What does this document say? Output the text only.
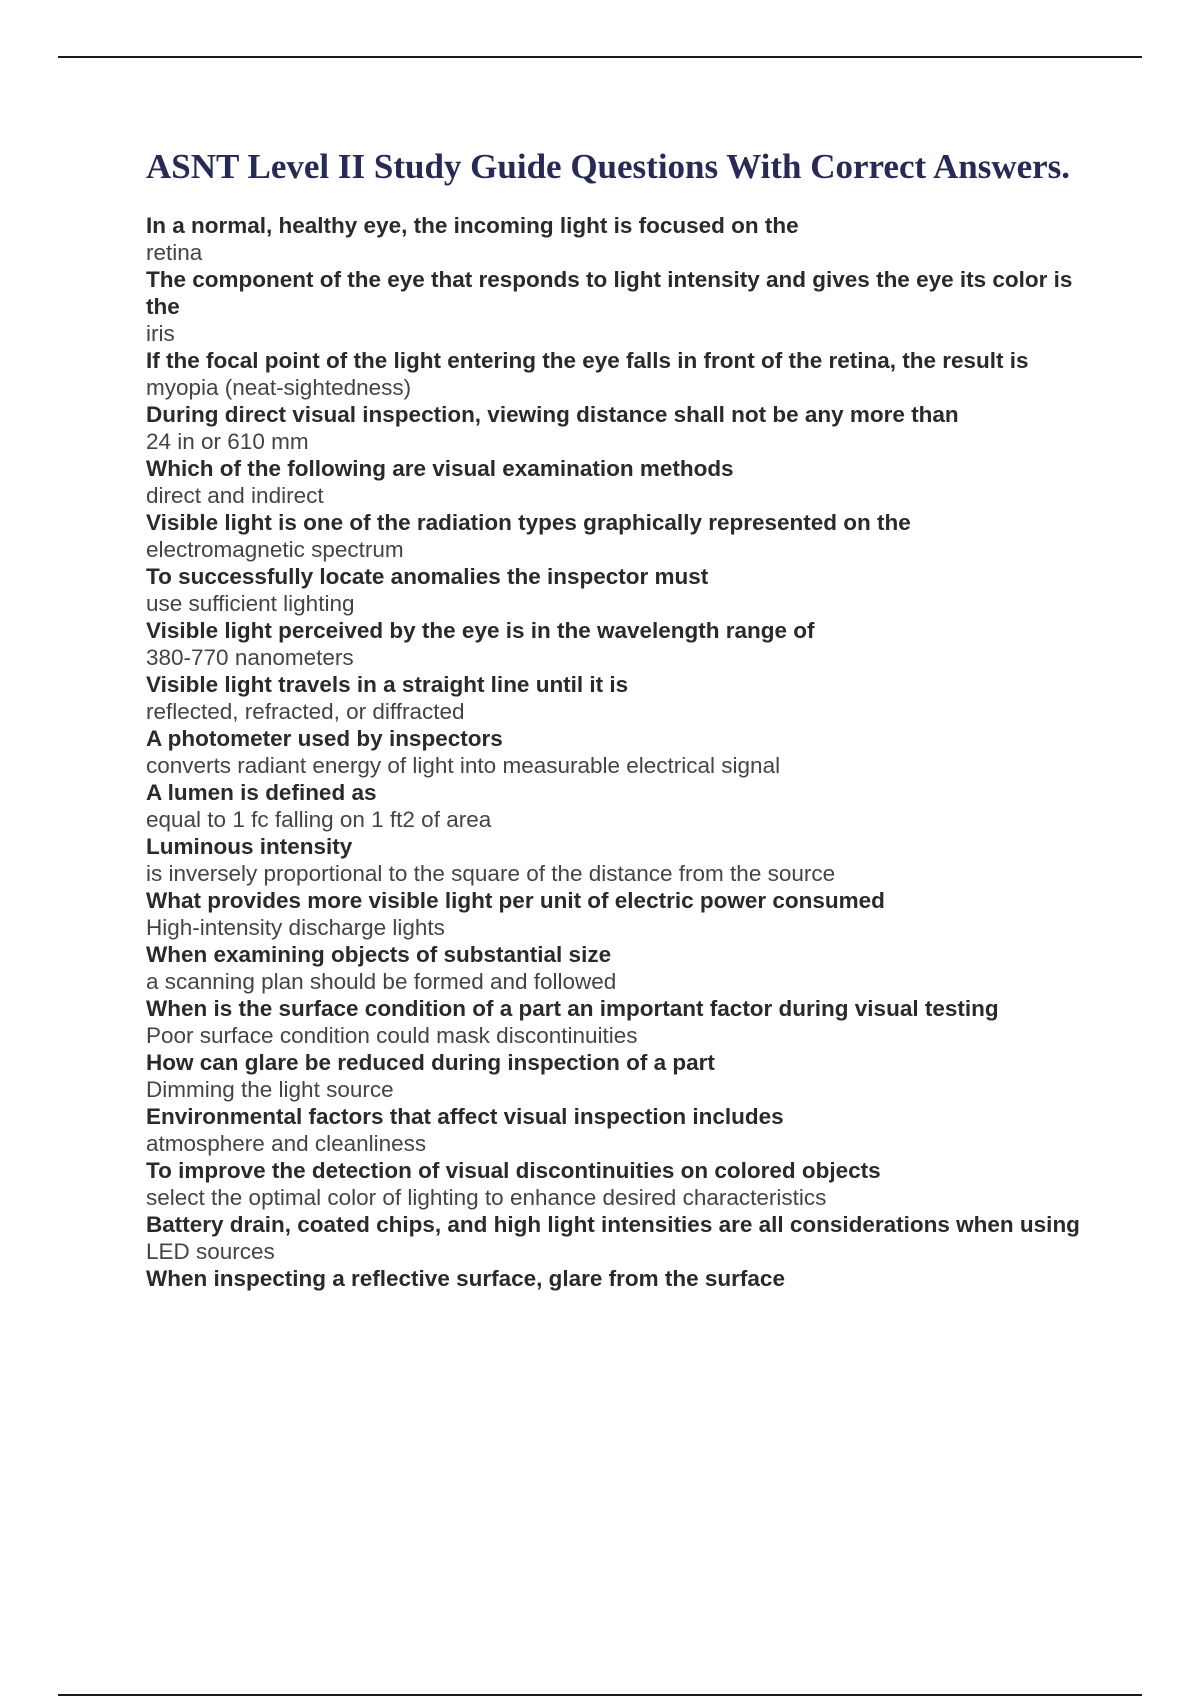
ASNT Level II Study Guide Questions With Correct Answers.
In a normal, healthy eye, the incoming light is focused on the
retina
The component of the eye that responds to light intensity and gives the eye its color is the
iris
If the focal point of the light entering the eye falls in front of the retina, the result is
myopia (neat-sightedness)
During direct visual inspection, viewing distance shall not be any more than
24 in or 610 mm
Which of the following are visual examination methods
direct and indirect
Visible light is one of the radiation types graphically represented on the
electromagnetic spectrum
To successfully locate anomalies the inspector must
use sufficient lighting
Visible light perceived by the eye is in the wavelength range of
380-770 nanometers
Visible light travels in a straight line until it is
reflected, refracted, or diffracted
A photometer used by inspectors
converts radiant energy of light into measurable electrical signal
A lumen is defined as
equal to 1 fc falling on 1 ft2 of area
Luminous intensity
is inversely proportional to the square of the distance from the source
What provides more visible light per unit of electric power consumed
High-intensity discharge lights
When examining objects of substantial size
a scanning plan should be formed and followed
When is the surface condition of a part an important factor during visual testing
Poor surface condition could mask discontinuities
How can glare be reduced during inspection of a part
Dimming the light source
Environmental factors that affect visual inspection includes
atmosphere and cleanliness
To improve the detection of visual discontinuities on colored objects
select the optimal color of lighting to enhance desired characteristics
Battery drain, coated chips, and high light intensities are all considerations when using
LED sources
When inspecting a reflective surface, glare from the surface
